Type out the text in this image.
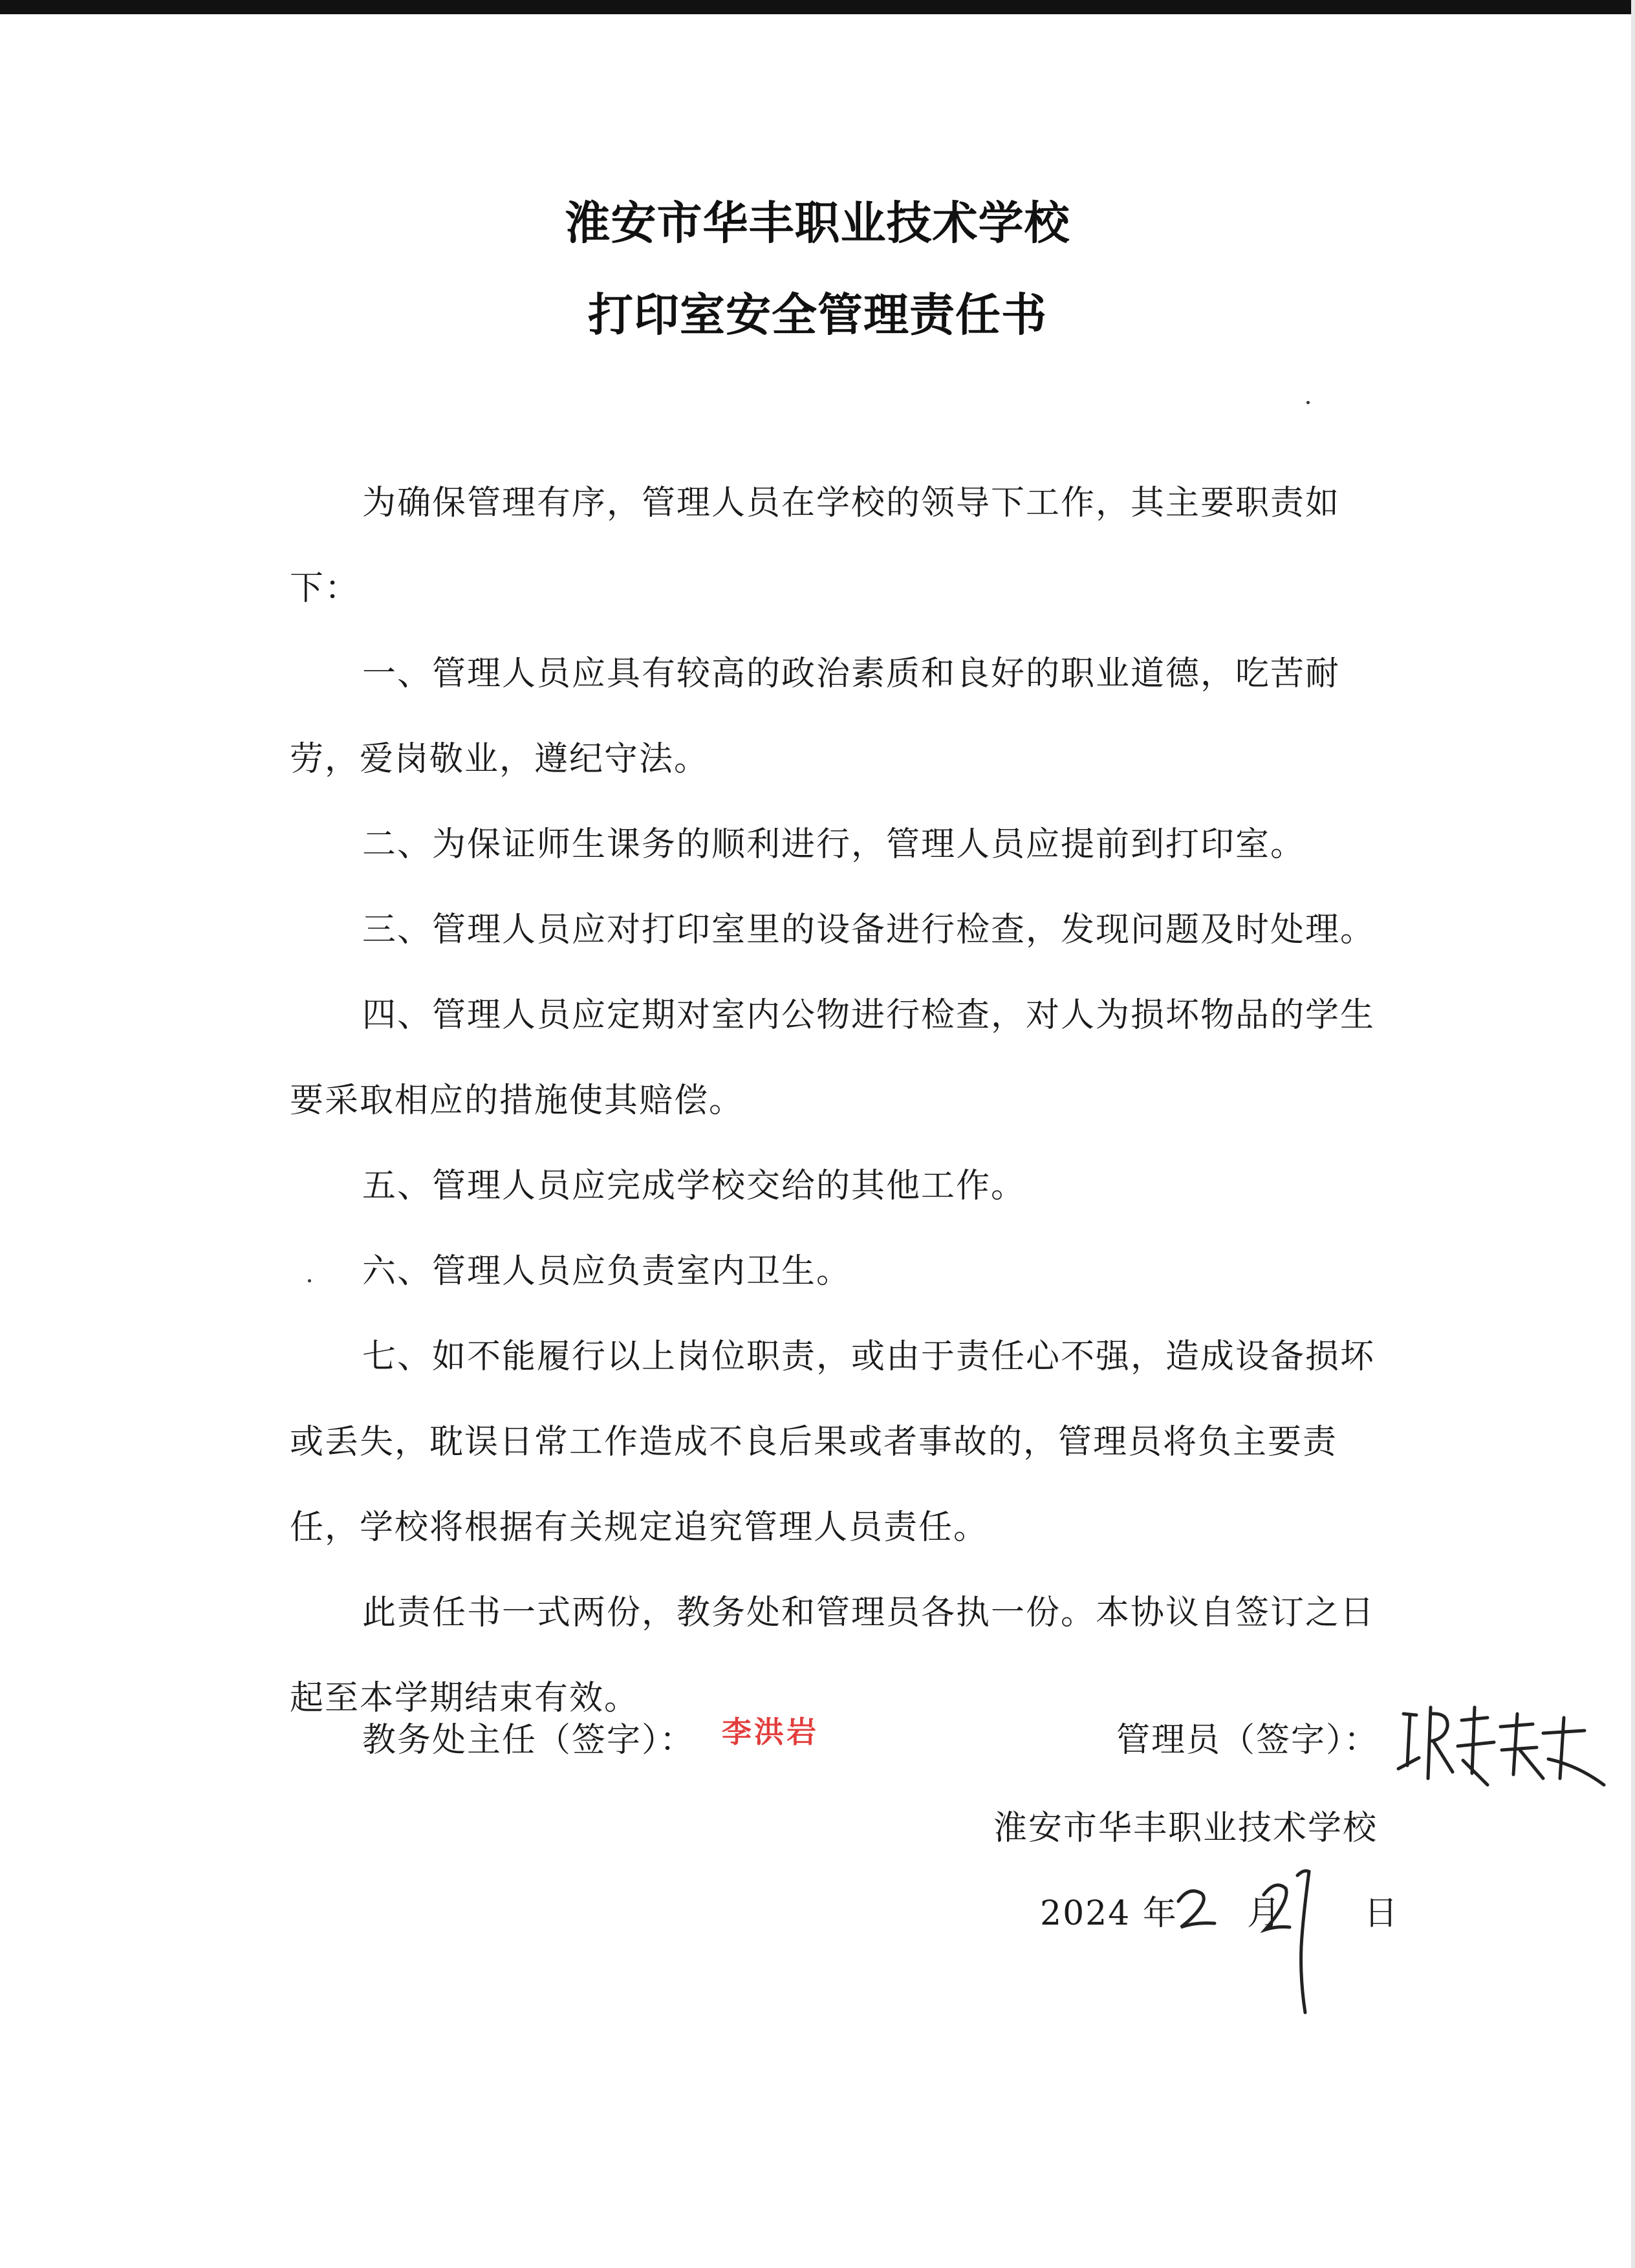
淮安市华丰职业技术学校
打印室安全管理责任书

为确保管理有序，管理人员在学校的领导下工作，其主要职责如下：

一、管理人员应具有较高的政治素质和良好的职业道德，吃苦耐劳，爱岗敬业，遵纪守法。

二、为保证师生课务的顺利进行，管理人员应提前到打印室。

三、管理人员应对打印室里的设备进行检查，发现问题及时处理。

四、管理人员应定期对室内公物进行检查，对人为损坏物品的学生要采取相应的措施使其赔偿。

五、管理人员应完成学校交给的其他工作。

六、管理人员应负责室内卫生。

七、如不能履行以上岗位职责，或由于责任心不强，造成设备损坏或丢失，耽误日常工作造成不良后果或者事故的，管理员将负主要责任，学校将根据有关规定追究管理人员责任。

此责任书一式两份，教务处和管理员各执一份。本协议自签订之日起至本学期结束有效。

教务处主任（签字）： 李洪岩	管理员（签字）：
淮安市华丰职业技术学校
2024 年 月 日
